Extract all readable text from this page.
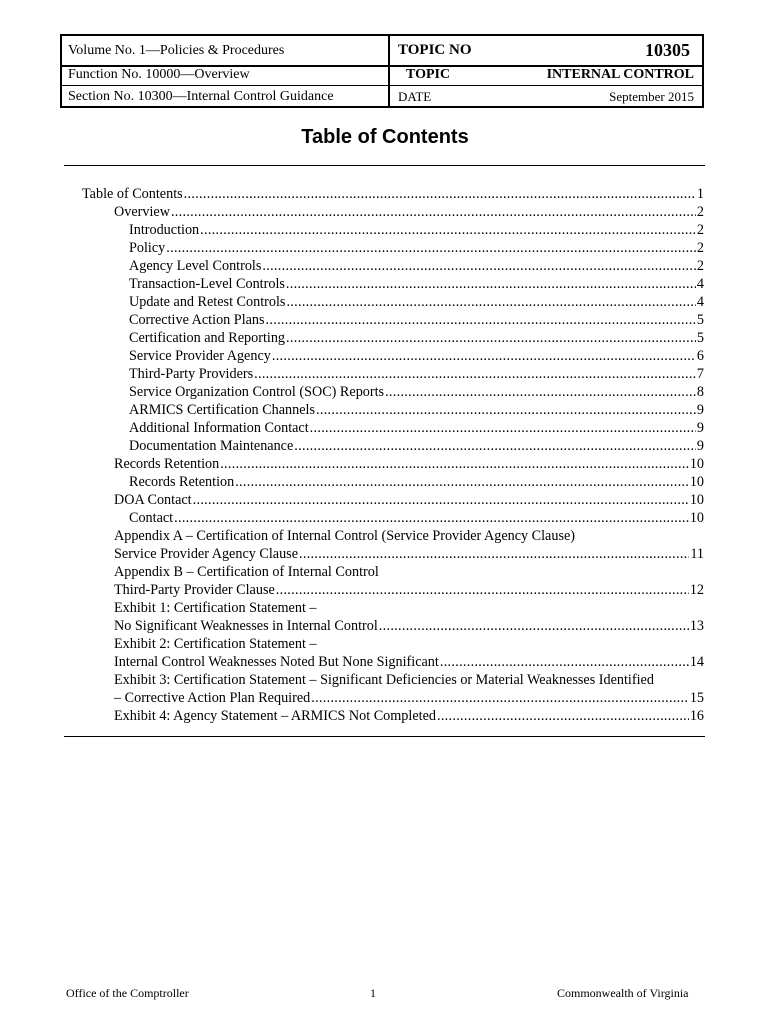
Volume No. 1—Policies & Procedures	TOPIC NO	10305
Function No. 10000—Overview	TOPIC	INTERNAL CONTROL
Section No. 10300—Internal Control Guidance	DATE	September 2015
Table of Contents
Table of Contents .....	1
Overview .....	2
Introduction .....	2
Policy .....	2
Agency Level Controls .....	2
Transaction-Level Controls .....	4
Update and Retest Controls .....	4
Corrective Action Plans .....	5
Certification and Reporting .....	5
Service Provider Agency .....	6
Third-Party Providers .....	7
Service Organization Control (SOC) Reports .....	8
ARMICS Certification Channels .....	9
Additional Information Contact .....	9
Documentation Maintenance .....	9
Records Retention .....	10
Records Retention .....	10
DOA Contact .....	10
Contact .....	10
Appendix A – Certification of Internal Control (Service Provider Agency Clause)
Service Provider Agency Clause .....	11
Appendix B – Certification of Internal Control
Third-Party Provider Clause .....	12
Exhibit 1: Certification Statement –
No Significant Weaknesses in Internal Control .....	13
Exhibit 2: Certification Statement –
Internal Control Weaknesses Noted But None Significant .....	14
Exhibit 3: Certification Statement – Significant Deficiencies or Material Weaknesses Identified
– Corrective Action Plan Required .....	15
Exhibit 4: Agency Statement – ARMICS Not Completed .....	16
Office of the Comptroller	1	Commonwealth of Virginia
